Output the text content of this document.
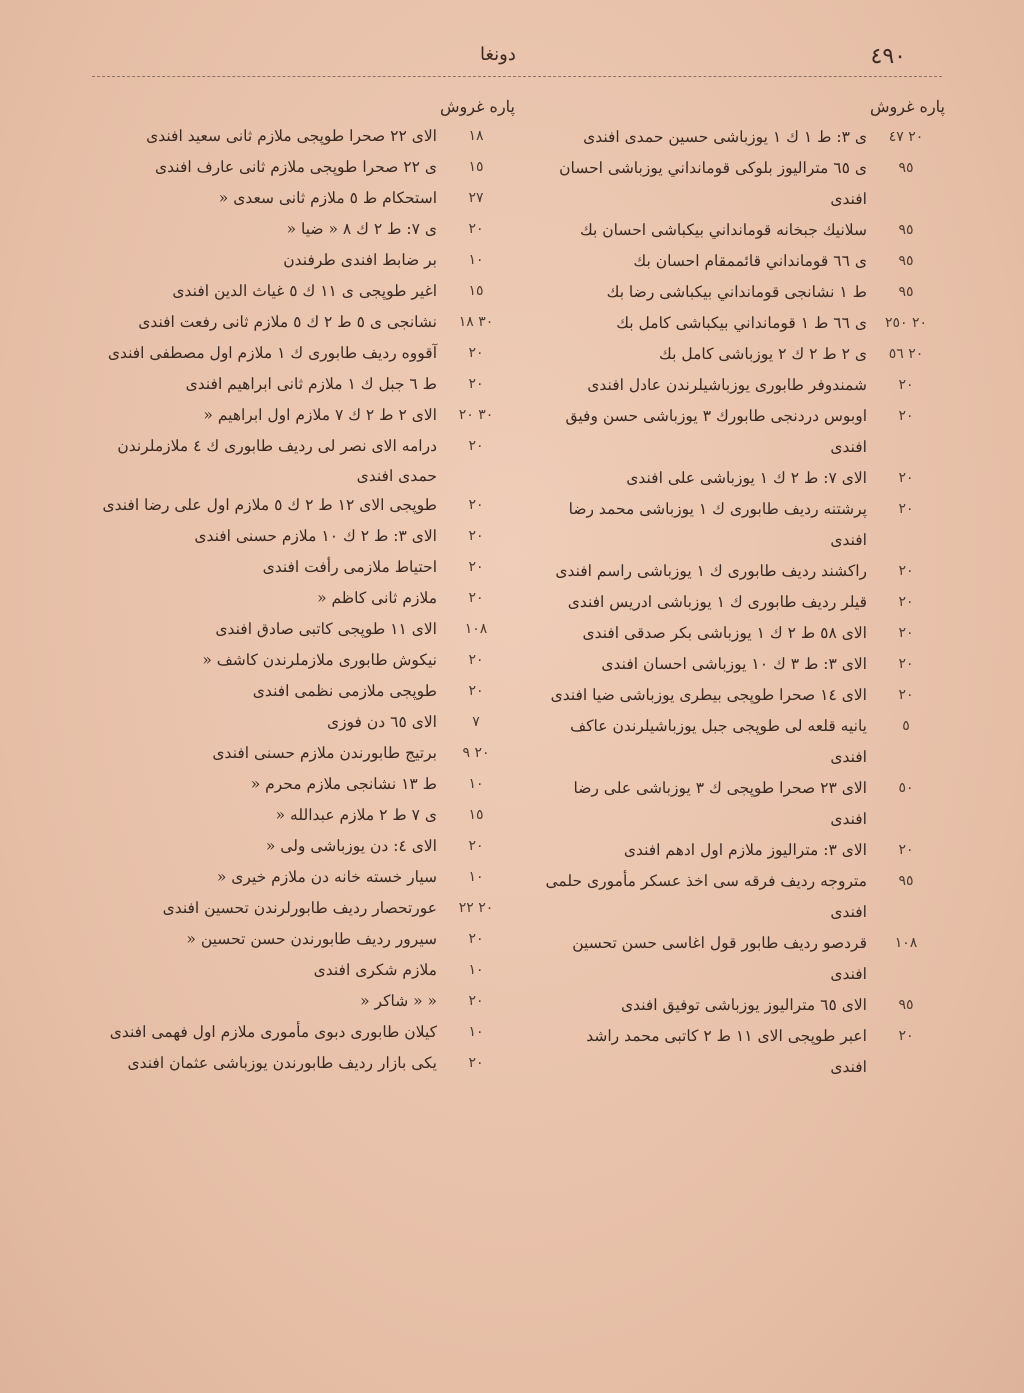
٤٩٠
دونغا
پاره غروش
٢٠ ٤٧
ی ٣: ط ١ ك ١ يوزباشى حسين حمدى افندى
٩٥
ی ٦٥ مترالیوز بلوکى قومانداني يوزباشى احسان افندى
٩٥
سلانيك جبخانه قومانداني بيكباشى احسان بك
٩٥
ی ٦٦ قومانداني قائممقام احسان بك
٩٥
ط ١ نشانجى قومانداني بيكباشى رضا بك
٢٠ ٢٥٠
ی ٦٦ ط ١ قومانداني بيكباشى كامل بك
٢٠ ٥٦
ی ٢ ط ٢ ك ٢ يوزباشى كامل بك
٢٠
شمندوفر طابوری یوزباشیلرندن عادل افندى
٢٠
اوبوس دردنجى طابورك ٣ يوزباشى حسن وفيق افندى
٢٠
الاى ٧: ط ٢ ك ١ يوزباشى على افندى
٢٠
پرشتنه رديف طابورى ك ١ يوزباشى محمد رضا افندى
٢٠
راكشند رديف طابورى ك ١ يوزباشى راسم افندى
٢٠
قيلر رديف طابورى ك ١ يوزباشى ادريس افندى
٢٠
الاى ٥٨ ط ٢ ك ١ يوزباشى بكر صدقى افندى
٢٠
الاى ٣: ط ٣ ك ١٠ يوزباشى احسان افندى
٢٠
الاى ١٤ صحرا طوپجى بيطرى يوزباشى ضيا افندى
٥
يانيه قلعه لى طوپجى جبل يوزباشيلرندن عاكف افندى
٥٠
الاى ٢٣ صحرا طوپجى ك ٣ يوزباشى على رضا افندى
٢٠
الاى ٣: مترالیوز ملازم اول ادهم افندى
٩٥
متروجه رديف فرقه سى اخذ عسكر مأمورى حلمى افندى
١٠٨
قردصو رديف طابور قول اغاسى حسن تحسين افندى
٩٥
الاى ٦٥ مترالیوز یوزباشى توفيق افندى
٢٠
اعبر طوپجى الاى ١١ ط ٢ كاتبى محمد راشد افندى
پاره غروش
١٨
الاى ٢٢ صحرا طوپجى ملازم ثانى سعيد افندى
١٥
ی ٢٢ صحرا طوپجى ملازم ثانى عارف افندى
٢٧
استحكام ط ٥ ملازم ثانى سعدى «
٢٠
ی ٧: ط ٢ ك ٨ « ضيا «
١٠
بر ضابط افندى طرفندن
١٥
اغير طوپجى ی ١١ ك ٥ غياث الدين افندى
٣٠ ١٨
نشانجى ی ٥ ط ٢ ك ٥ ملازم ثانى رفعت افندى
٢٠
آقووه رديف طابورى ك ١ ملازم اول مصطفى افندى
٢٠
ط ٦ جبل ك ١ ملازم ثانى ابراهيم افندى
٣٠ ٢٠
الاى ٢ ط ٢ ك ٧ ملازم اول ابراهيم «
٢٠
درامه الاى نصر لى رديف طابورى ك ٤ ملازملرندن حمدى افندى
٢٠
طوپجى الاى ١٢ ط ٢ ك ٥ ملازم اول على رضا افندى
٢٠
الاى ٣: ط ٢ ك ١٠ ملازم حسنى افندى
٢٠
احتياط ملازمى رأفت افندى
٢٠
ملازم ثانى كاظم «
١٠٨
الاى ١١ طوپجى كاتبى صادق افندى
٢٠
نيكوش طابورى ملازملرندن كاشف «
٢٠
طوپجى ملازمى نظمى افندى
٧
الاى ٦٥ دن فوزى
٢٠ ٩
برتيج طابورندن ملازم حسنى افندى
١٠
ط ١٣ نشانجى ملازم محرم «
١٥
ی ٧ ط ٢ ملازم عبدالله «
٢٠
الاى ٤: دن يوزباشى ولى «
١٠
سيار خسته خانه دن ملازم خيرى «
٢٠ ٢٢
عورتحصار رديف طابورلرندن تحسين افندى
٢٠
سيرور رديف طابورندن حسن تحسين «
١٠
ملازم شكرى افندى
٢٠
« « شاكر «
١٠
كيلان طابورى دبوى مأمورى ملازم اول فهمى افندى
٢٠
يكى بازار رديف طابورندن يوزباشى عثمان افندى
